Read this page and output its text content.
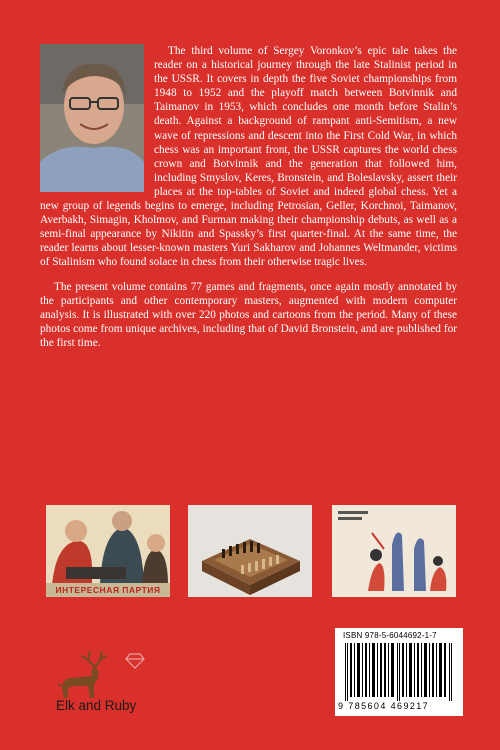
The third volume of Sergey Voronkov’s epic tale takes the reader on a historical journey through the late Stalinist period in the USSR. It covers in depth the five Soviet championships from 1948 to 1952 and the playoff match between Botvinnik and Taimanov in 1953, which concludes one month before Stalin’s death. Against a background of rampant anti-Semitism, a new wave of repressions and descent into the First Cold War, in which chess was an important front, the USSR captures the world chess crown and Botvinnik and the generation that followed him, including Smyslov, Keres, Bronstein, and Boleslavsky, assert their places at the top-tables of Soviet and indeed global chess. Yet a new group of legends begins to emerge, including Petrosian, Geller, Korchnoi, Taimanov, Averbakh, Simagin, Kholmov, and Furman making their championship debuts, as well as a semi-final appearance by Nikitin and Spassky’s first quarter-final. At the same time, the reader learns about lesser-known masters Yuri Sakharov and Johannes Weltmander, victims of Stalinism who found solace in chess from their otherwise tragic lives.

The present volume contains 77 games and fragments, once again mostly annotated by the participants and other contemporary masters, augmented with modern computer analysis. It is illustrated with over 220 photos and cartoons from the period. Many of these photos come from unique archives, including that of David Bronstein, and are published for the first time.

ИНТЕРЕСНАЯ ПАРТИЯ
Elk and Ruby
ISBN 978-5-6044692-1-7
9 785604 469217
